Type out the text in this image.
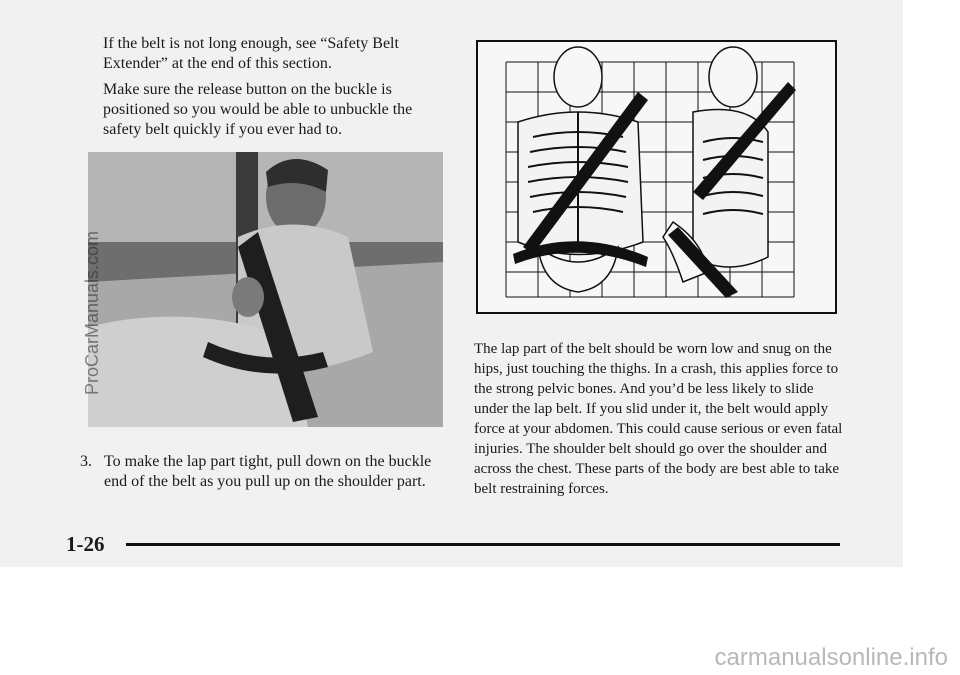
If the belt is not long enough, see “Safety Belt Extender” at the end of this section.
Make sure the release button on the buckle is positioned so you would be able to unbuckle the safety belt quickly if you ever had to.
3. To make the lap part tight, pull down on the buckle end of the belt as you pull up on the shoulder part.
The lap part of the belt should be worn low and snug on the hips, just touching the thighs. In a crash, this applies force to the strong pelvic bones. And you’d be less likely to slide under the lap belt. If you slid under it, the belt would apply force at your abdomen. This could cause serious or even fatal injuries. The shoulder belt should go over the shoulder and across the chest. These parts of the body are best able to take belt restraining forces.
ProCarManuals.com
1-26
carmanualsonline.info
